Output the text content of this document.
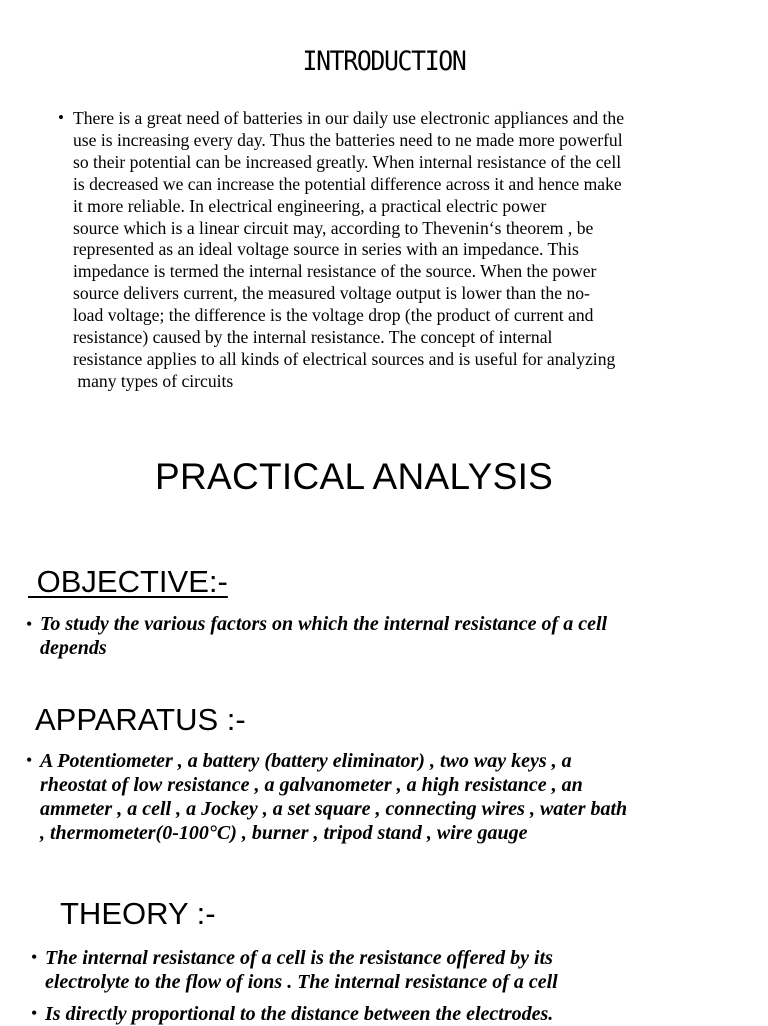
INTRODUCTION
• There is a great need of batteries in our daily use electronic appliances and the
use is increasing every day. Thus the batteries need to ne made more powerful
so their potential can be increased greatly. When internal resistance of the cell
is decreased we can increase the potential difference across it and hence make
it more reliable. In electrical engineering, a practical electric power
source which is a linear circuit may, according to Thevenin‘s theorem , be
represented as an ideal voltage source in series with an impedance. This
impedance is termed the internal resistance of the source. When the power
source delivers current, the measured voltage output is lower than the no-
load voltage; the difference is the voltage drop (the product of current and
resistance) caused by the internal resistance. The concept of internal
resistance applies to all kinds of electrical sources and is useful for analyzing
many types of circuits
PRACTICAL ANALYSIS
OBJECTIVE:-
• To study the various factors on which the internal resistance of a cell
depends
APPARATUS :-
• A Potentiometer , a battery (battery eliminator) , two way keys , a
rheostat of low resistance , a galvanometer , a high resistance , an
ammeter , a cell , a Jockey , a set square , connecting wires , water bath
, thermometer(0-100°C) , burner , tripod stand , wire gauge
THEORY :-
• The internal resistance of a cell is the resistance offered by its
electrolyte to the flow of ions . The internal resistance of a cell
• Is directly proportional to the distance between the electrodes.
